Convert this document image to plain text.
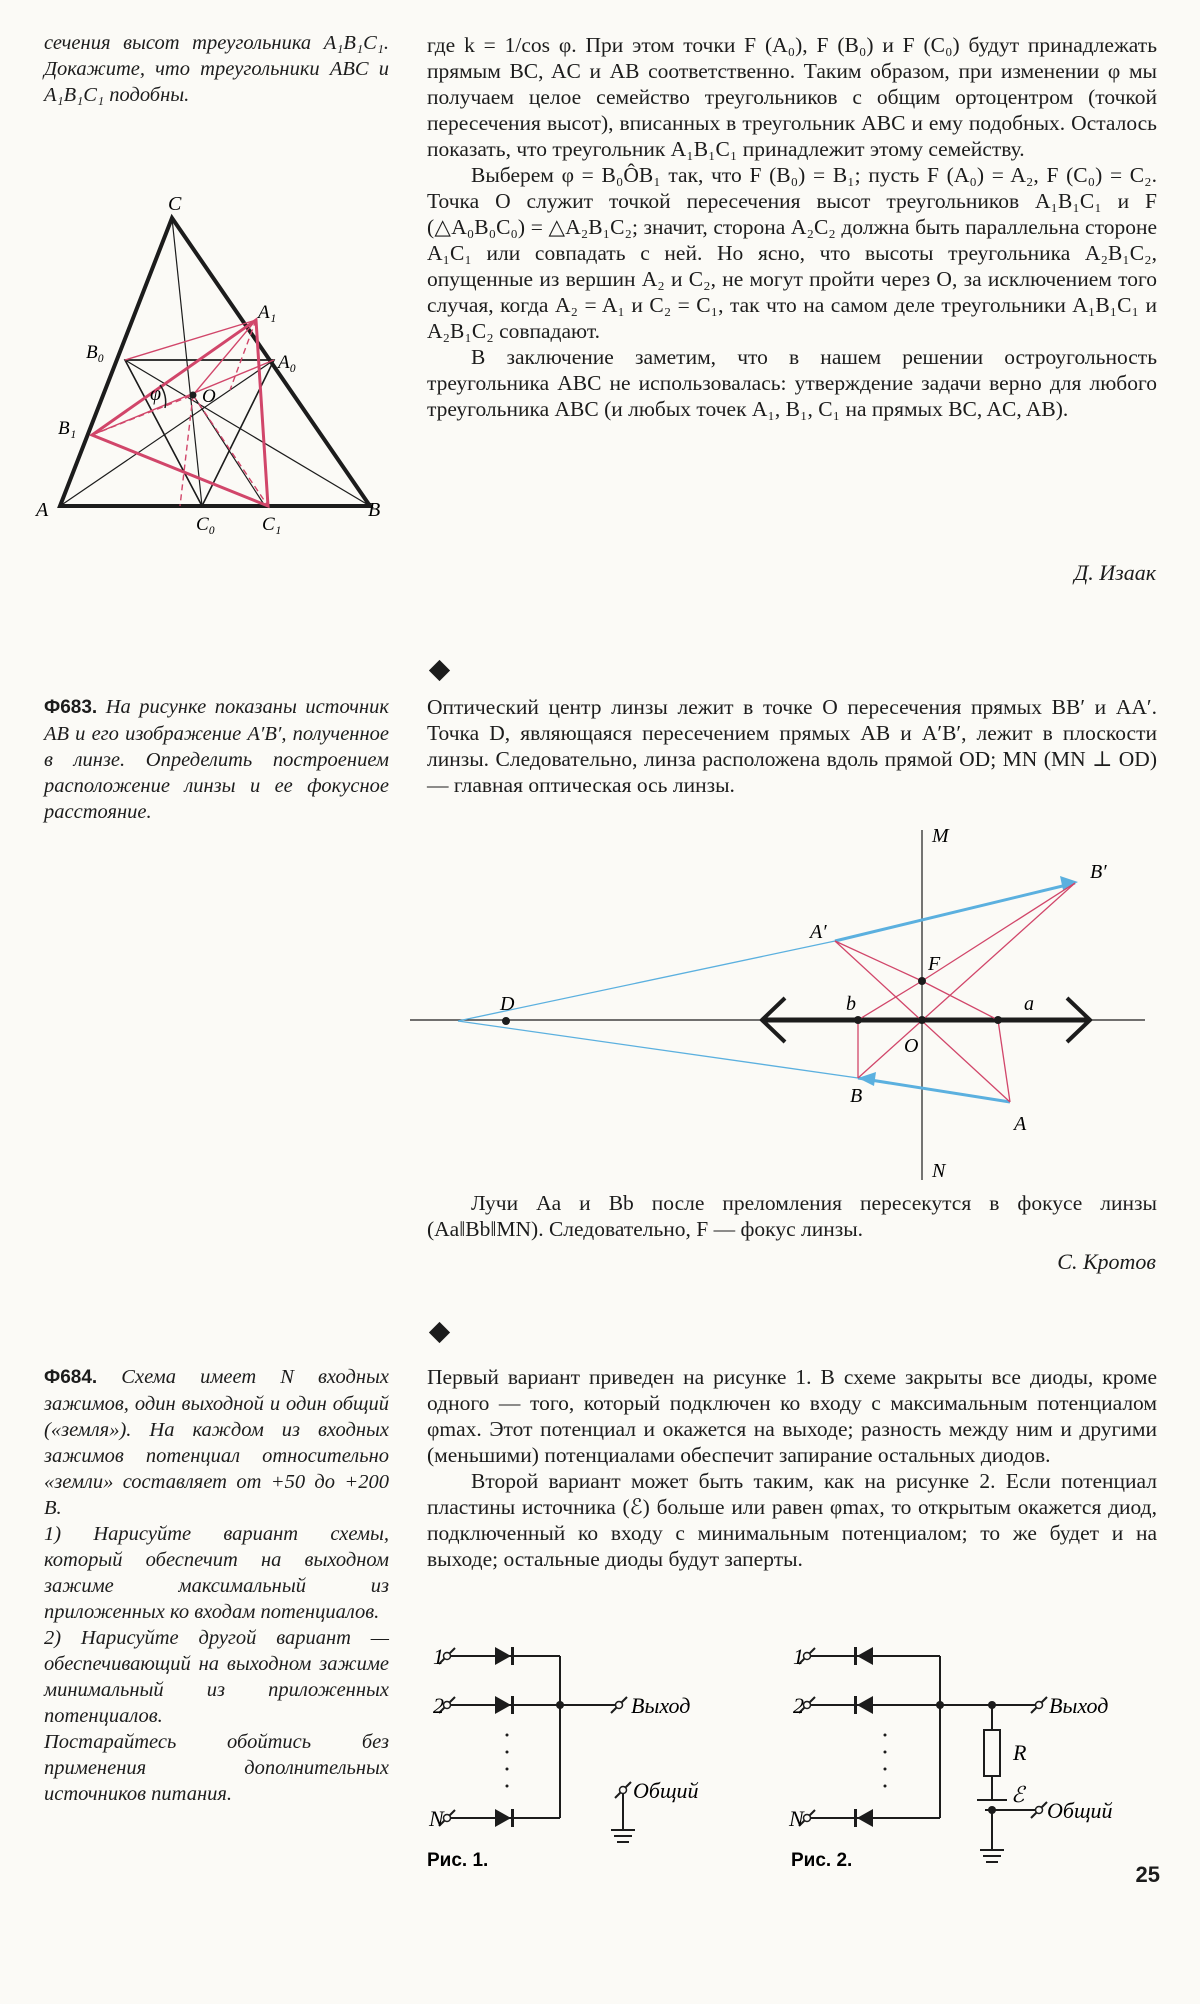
сечения высот треугольника A₁B₁C₁. Докажите, что треугольники ABC и A₁B₁C₁ подобны.

C
A₁
B₀	A₀
φ O
B₁
A	B
C₀ C₁

где k = 1/cos φ. При этом точки F (A₀), F (B₀) и F (C₀) будут принадлежать прямым BC, AC и AB соответственно. Таким образом, при изменении φ мы получаем целое семейство треугольников с общим ортоцентром (точкой пересечения высот), вписанных в треугольник ABC и ему подобных. Осталось показать, что треугольник A₁B₁C₁ принадлежит этому семейству.

Выберем φ = B₀ÔB₁ так, что F (B₀) = B₁; пусть F (A₀) = A₂, F (C₀) = C₂. Точка O служит точкой пересечения высот треугольников A₁B₁C₁ и F (△A₀B₀C₀) = △A₂B₁C₂; значит, сторона A₂C₂ должна быть параллельна стороне A₁C₁ или совпадать с ней. Но ясно, что высоты треугольника A₂B₁C₂, опущенные из вершин A₂ и C₂, не могут пройти через O, за исключением того случая, когда A₂ = A₁ и C₂ = C₁, так что на самом деле треугольники A₁B₁C₁ и A₂B₁C₂ совпадают.

В заключение заметим, что в нашем решении остроугольность треугольника ABC не использовалась: утверждение задачи верно для любого треугольника ABC (и любых точек A₁, B₁, C₁ на прямых BC, AC, AB).

Д. Изаак

Ф683. На рисунке показаны источник AB и его изображение A′B′, полученное в линзе. Определить построением расположение линзы и ее фокусное расстояние.

Оптический центр линзы лежит в точке O пересечения прямых BB′ и AA′. Точка D, являющаяся пересечением прямых AB и A′B′, лежит в плоскости линзы. Следовательно, линза расположена вдоль прямой OD; MN (MN ⊥ OD) — главная оптическая ось линзы.

M
B′
A′
F
D	b	a
O
B
A
N

Лучи Aa и Bb после преломления пересекутся в фокусе линзы (Aa‖Bb‖MN). Следовательно, F — фокус линзы.

С. Кротов

Ф684. Схема имеет N входных зажимов, один выходной и один общий («земля»). На каждом из входных зажимов потенциал относительно «земли» составляет от +50 до +200 В.

1) Нарисуйте вариант схемы, который обеспечит на выходном зажиме максимальный из приложенных ко входам потенциалов.

2) Нарисуйте другой вариант — обеспечивающий на выходном зажиме минимальный из приложенных потенциалов.

Постарайтесь обойтись без применения дополнительных источников питания.

Первый вариант приведен на рисунке 1. В схеме закрыты все диоды, кроме одного — того, который подключен ко входу с максимальным потенциалом φmax. Этот потенциал и окажется на выходе; разность между ним и другими (меньшими) потенциалами обеспечит запирание остальных диодов.

Второй вариант может быть таким, как на рисунке 2. Если потенциал пластины источника (ℰ) больше или равен φmax, то открытым окажется диод, подключенный ко входу с минимальным потенциалом; то же будет и на выходе; остальные диоды будут заперты.

1
2
N
Выход
Общий
Рис. 1.
1
2
N
R
ℰ
Выход
Общий
Рис. 2.
25
